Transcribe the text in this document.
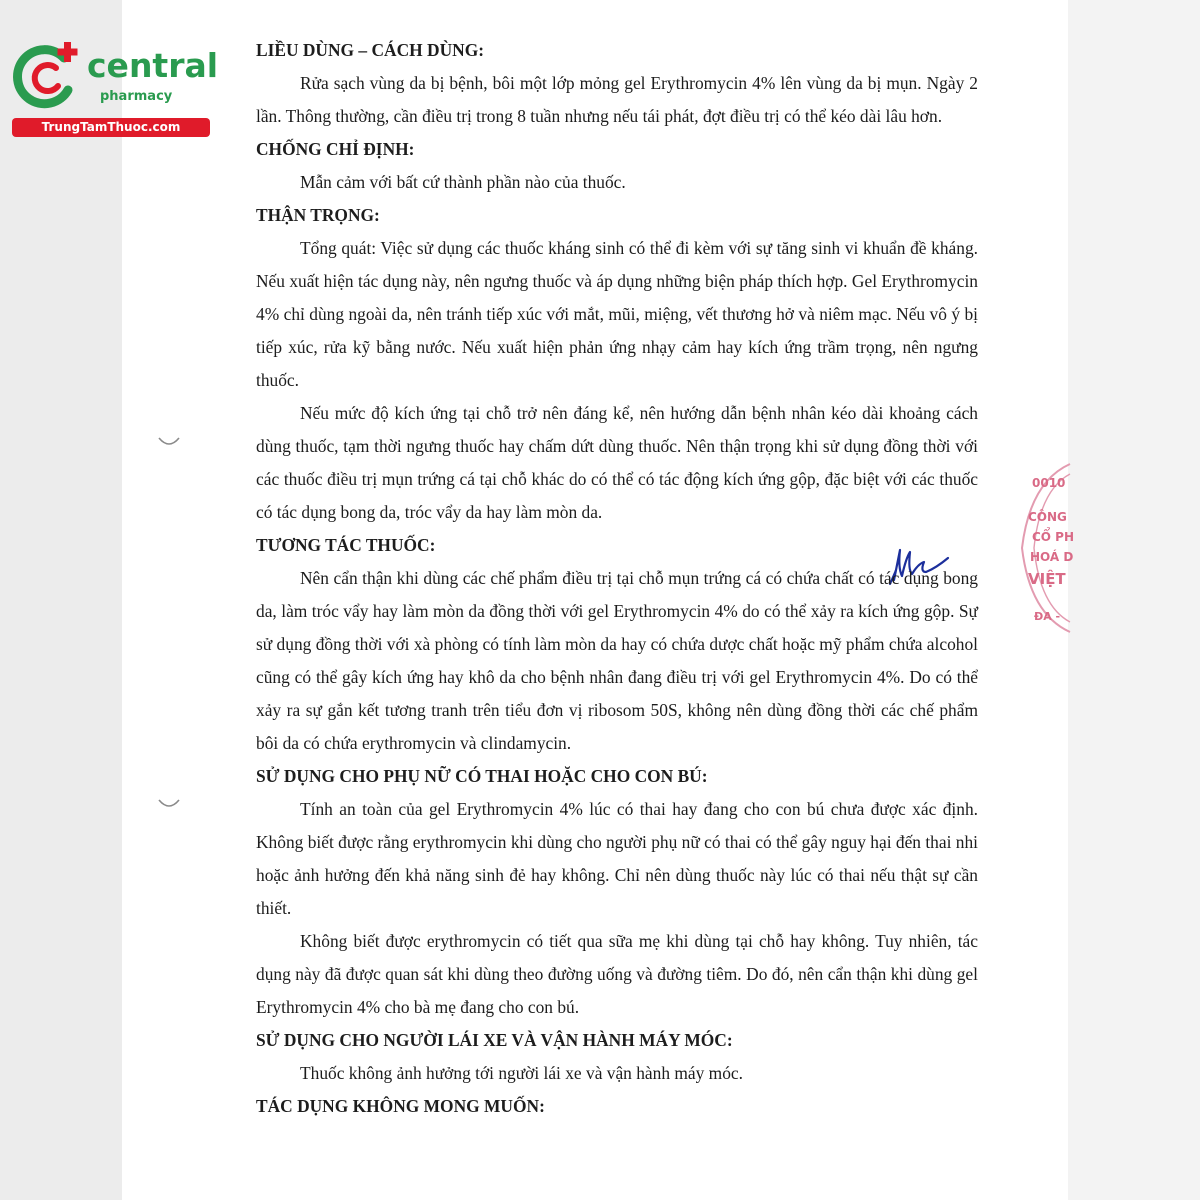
central
pharmacy
TrungTamThuoc.com
0010
CÔNG
CỔ PH
HOÁ D
VIỆT
ĐA -

LIỀU DÙNG – CÁCH DÙNG:

Rửa sạch vùng da bị bệnh, bôi một lớp mỏng gel Erythromycin 4% lên vùng da bị mụn. Ngày 2 lần. Thông thường, cần điều trị trong 8 tuần nhưng nếu tái phát, đợt điều trị có thể kéo dài lâu hơn.

CHỐNG CHỈ ĐỊNH:

Mẫn cảm với bất cứ thành phần nào của thuốc.

THẬN TRỌNG:

Tổng quát: Việc sử dụng các thuốc kháng sinh có thể đi kèm với sự tăng sinh vi khuẩn đề kháng. Nếu xuất hiện tác dụng này, nên ngưng thuốc và áp dụng những biện pháp thích hợp. Gel Erythromycin 4% chỉ dùng ngoài da, nên tránh tiếp xúc với mắt, mũi, miệng, vết thương hở và niêm mạc. Nếu vô ý bị tiếp xúc, rửa kỹ bằng nước. Nếu xuất hiện phản ứng nhạy cảm hay kích ứng trầm trọng, nên ngưng thuốc.

Nếu mức độ kích ứng tại chỗ trở nên đáng kể, nên hướng dẫn bệnh nhân kéo dài khoảng cách dùng thuốc, tạm thời ngưng thuốc hay chấm dứt dùng thuốc. Nên thận trọng khi sử dụng đồng thời với các thuốc điều trị mụn trứng cá tại chỗ khác do có thể có tác động kích ứng gộp, đặc biệt với các thuốc có tác dụng bong da, tróc vẩy da hay làm mòn da.

TƯƠNG TÁC THUỐC:

Nên cẩn thận khi dùng các chế phẩm điều trị tại chỗ mụn trứng cá có chứa chất có tác dụng bong da, làm tróc vẩy hay làm mòn da đồng thời với gel Erythromycin 4% do có thể xảy ra kích ứng gộp. Sự sử dụng đồng thời với xà phòng có tính làm mòn da hay có chứa dược chất hoặc mỹ phẩm chứa alcohol cũng có thể gây kích ứng hay khô da cho bệnh nhân đang điều trị với gel Erythromycin 4%. Do có thể xảy ra sự gắn kết tương tranh trên tiểu đơn vị ribosom 50S, không nên dùng đồng thời các chế phẩm bôi da có chứa erythromycin và clindamycin.

SỬ DỤNG CHO PHỤ NỮ CÓ THAI HOẶC CHO CON BÚ:

Tính an toàn của gel Erythromycin 4% lúc có thai hay đang cho con bú chưa được xác định. Không biết được rằng erythromycin khi dùng cho người phụ nữ có thai có thể gây nguy hại đến thai nhi hoặc ảnh hưởng đến khả năng sinh đẻ hay không. Chỉ nên dùng thuốc này lúc có thai nếu thật sự cần thiết.

Không biết được erythromycin có tiết qua sữa mẹ khi dùng tại chỗ hay không. Tuy nhiên, tác dụng này đã được quan sát khi dùng theo đường uống và đường tiêm. Do đó, nên cẩn thận khi dùng gel Erythromycin 4% cho bà mẹ đang cho con bú.

SỬ DỤNG CHO NGƯỜI LÁI XE VÀ VẬN HÀNH MÁY MÓC:

Thuốc không ảnh hưởng tới người lái xe và vận hành máy móc.

TÁC DỤNG KHÔNG MONG MUỐN:
